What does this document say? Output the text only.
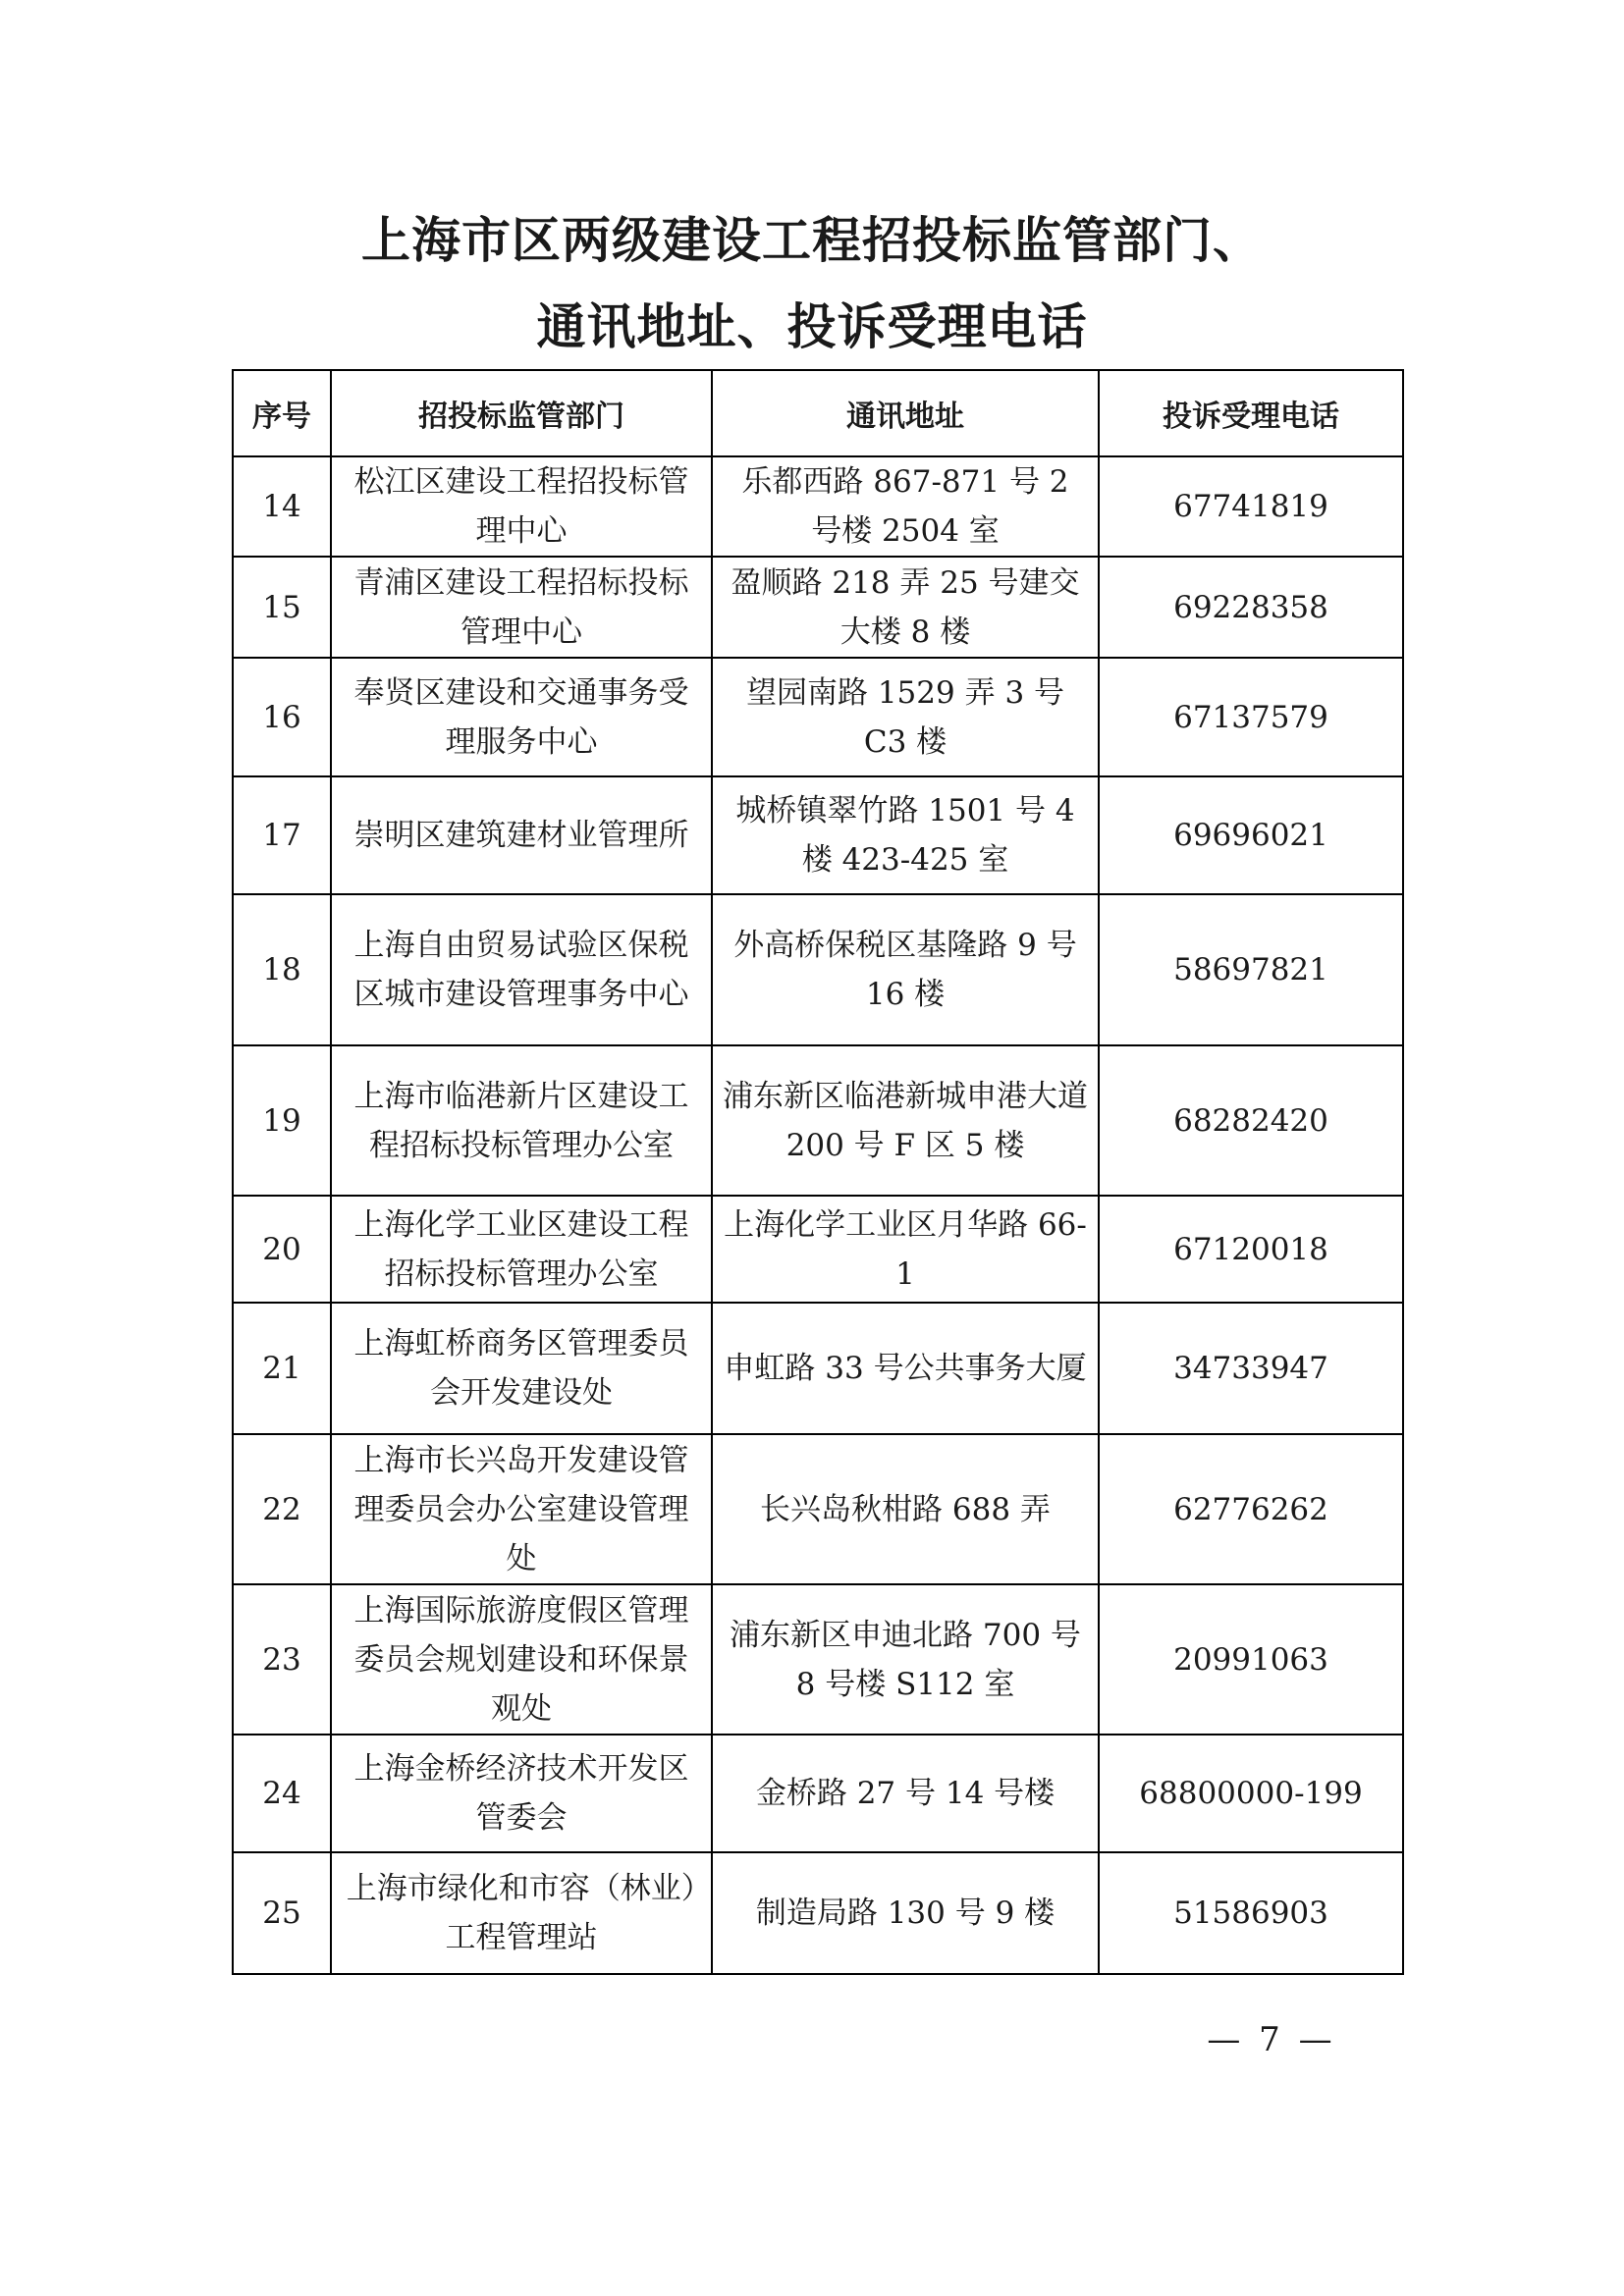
上海市区两级建设工程招投标监管部门、
通讯地址、投诉受理电话
序号	招投标监管部门	通讯地址	投诉受理电话
14	松江区建设工程招投标管理中心	乐都西路 867-871 号 2 号楼 2504 室	67741819
15	青浦区建设工程招标投标管理中心	盈顺路 218 弄 25 号建交大楼 8 楼	69228358
16	奉贤区建设和交通事务受理服务中心	望园南路 1529 弄 3 号 C3 楼	67137579
17	崇明区建筑建材业管理所	城桥镇翠竹路 1501 号 4 楼 423-425 室	69696021
18	上海自由贸易试验区保税区城市建设管理事务中心	外高桥保税区基隆路 9 号 16 楼	58697821
19	上海市临港新片区建设工程招标投标管理办公室	浦东新区临港新城申港大道 200 号 F 区 5 楼	68282420
20	上海化学工业区建设工程招标投标管理办公室	上海化学工业区月华路 66-1	67120018
21	上海虹桥商务区管理委员会开发建设处	申虹路 33 号公共事务大厦	34733947
22	上海市长兴岛开发建设管理委员会办公室建设管理处	长兴岛秋柑路 688 弄	62776262
23	上海国际旅游度假区管理委员会规划建设和环保景观处	浦东新区申迪北路 700 号 8 号楼 S112 室	20991063
24	上海金桥经济技术开发区管委会	金桥路 27 号 14 号楼	68800000-199
25	上海市绿化和市容（林业）工程管理站	制造局路 130 号 9 楼	51586903
— 7 —
